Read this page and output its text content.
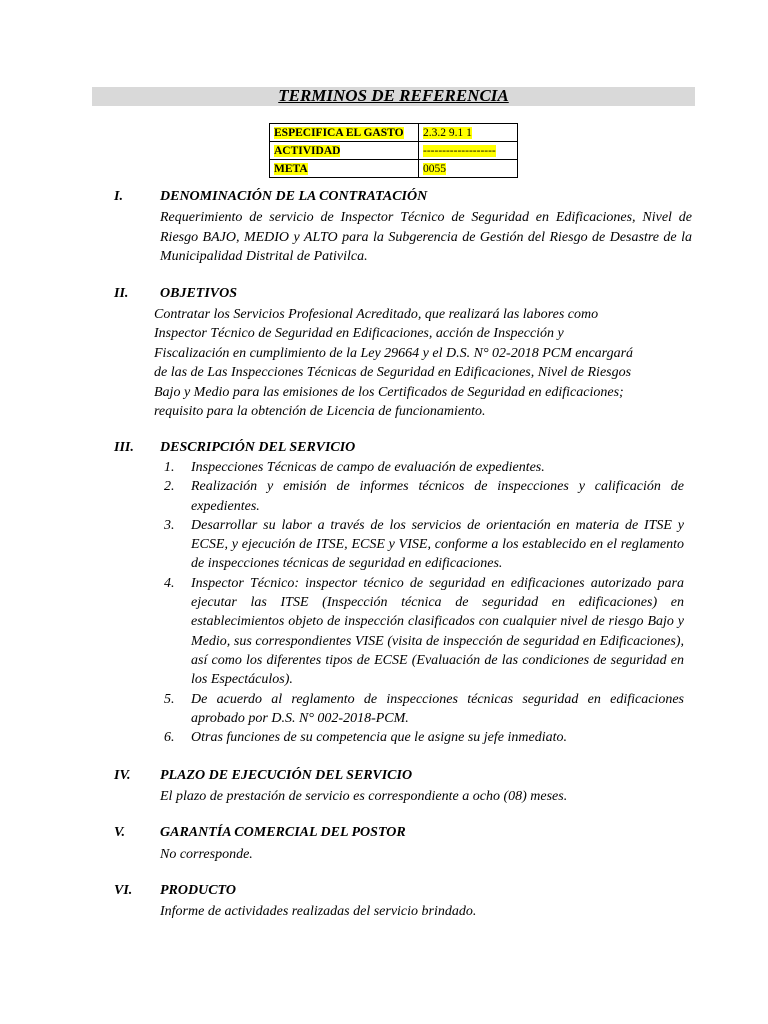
TERMINOS DE REFERENCIA
ESPECIFICA EL GASTO	2.3.2 9.1 1
ACTIVIDAD	-------------------
META	0055
I.	DENOMINACIÓN DE LA CONTRATACIÓN
Requerimiento de servicio de Inspector Técnico de Seguridad en Edificaciones, Nivel de Riesgo BAJO, MEDIO y ALTO para la Subgerencia de Gestión del Riesgo de Desastre de la Municipalidad Distrital de Pativilca.
II. OBJETIVOS
Contratar los Servicios Profesional Acreditado, que realizará las labores como
Inspector Técnico de Seguridad en Edificaciones, acción de Inspección y
Fiscalización en cumplimiento de la Ley 29664 y el D.S. N° 02-2018 PCM encargará
de las de Las Inspecciones Técnicas de Seguridad en Edificaciones, Nivel de Riesgos
Bajo y Medio para las emisiones de los Certificados de Seguridad en edificaciones;
requisito para la obtención de Licencia de funcionamiento.
III. DESCRIPCIÓN DEL SERVICIO
1. Inspecciones Técnicas de campo de evaluación de expedientes.
2. Realización y emisión de informes técnicos de inspecciones y calificación de expedientes.
3. Desarrollar su labor a través de los servicios de orientación en materia de ITSE y ECSE, y ejecución de ITSE, ECSE y VISE, conforme a los establecido en el reglamento de inspecciones técnicas de seguridad en edificaciones.
4. Inspector Técnico: inspector técnico de seguridad en edificaciones autorizado para ejecutar las ITSE (Inspección técnica de seguridad en edificaciones) en establecimientos objeto de inspección clasificados con cualquier nivel de riesgo Bajo y Medio, sus correspondientes VISE (visita de inspección de seguridad en Edificaciones), así como los diferentes tipos de ECSE (Evaluación de las condiciones de seguridad en los Espectáculos).
5. De acuerdo al reglamento de inspecciones técnicas seguridad en edificaciones aprobado por D.S. N° 002-2018-PCM.
6. Otras funciones de su competencia que le asigne su jefe inmediato.
IV. PLAZO DE EJECUCIÓN DEL SERVICIO
El plazo de prestación de servicio es correspondiente a ocho (08) meses.
V. GARANTÍA COMERCIAL DEL POSTOR
No corresponde.
VI. PRODUCTO
Informe de actividades realizadas del servicio brindado.
